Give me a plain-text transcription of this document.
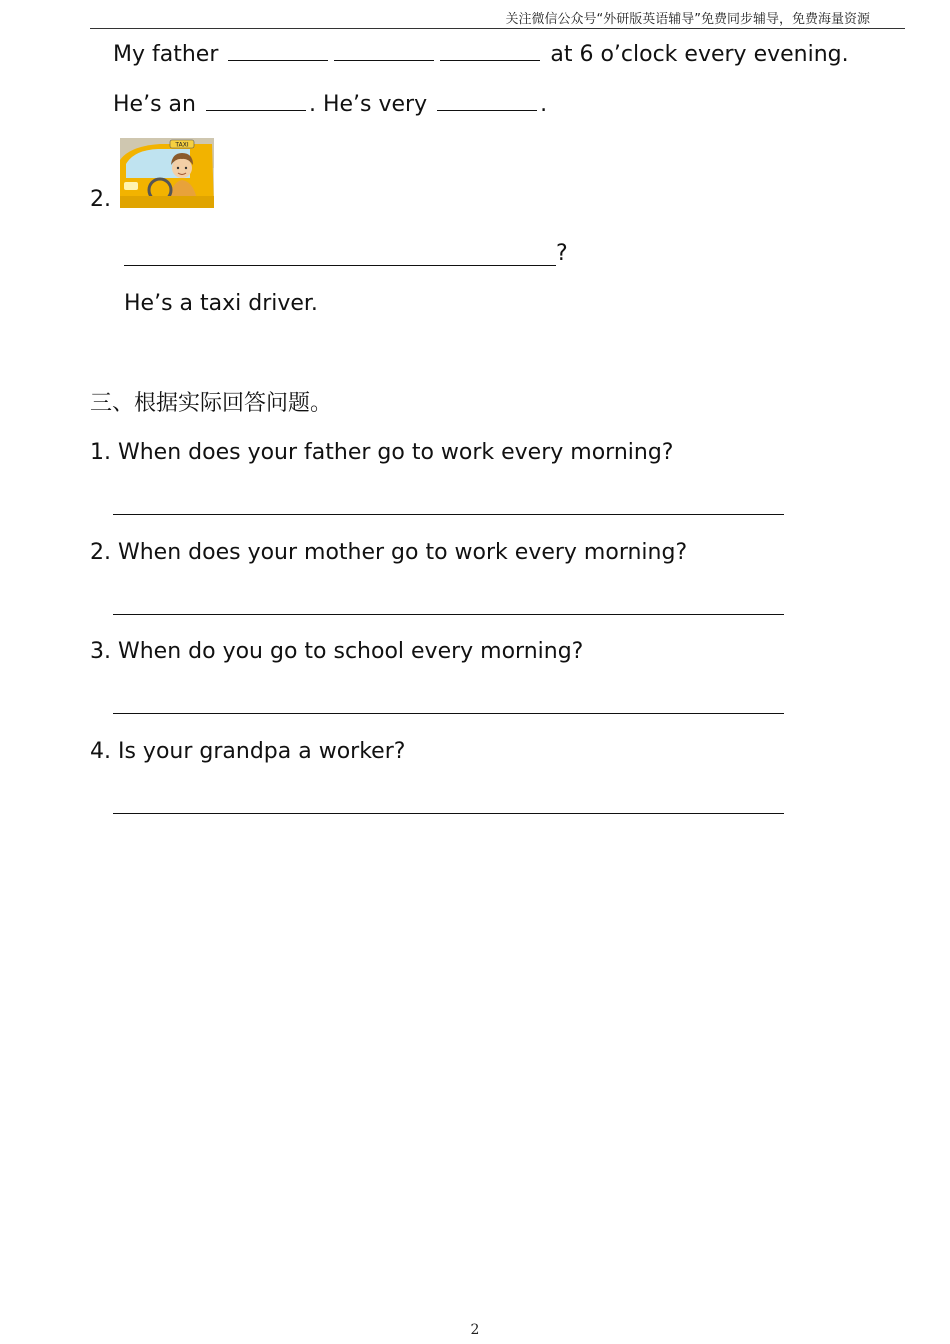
关注微信公众号“外研版英语辅导”免费同步辅导，免费海量资源
My father	at 6 o’clock every evening.
He’s an	. He’s very	.
2.
TAXI
?
He’s a taxi driver.
三、根据实际回答问题。
1. When does your father go to work every morning?
2. When does your mother go to work every morning?
3. When do you go to school every morning?
4. Is your grandpa a worker?
2
